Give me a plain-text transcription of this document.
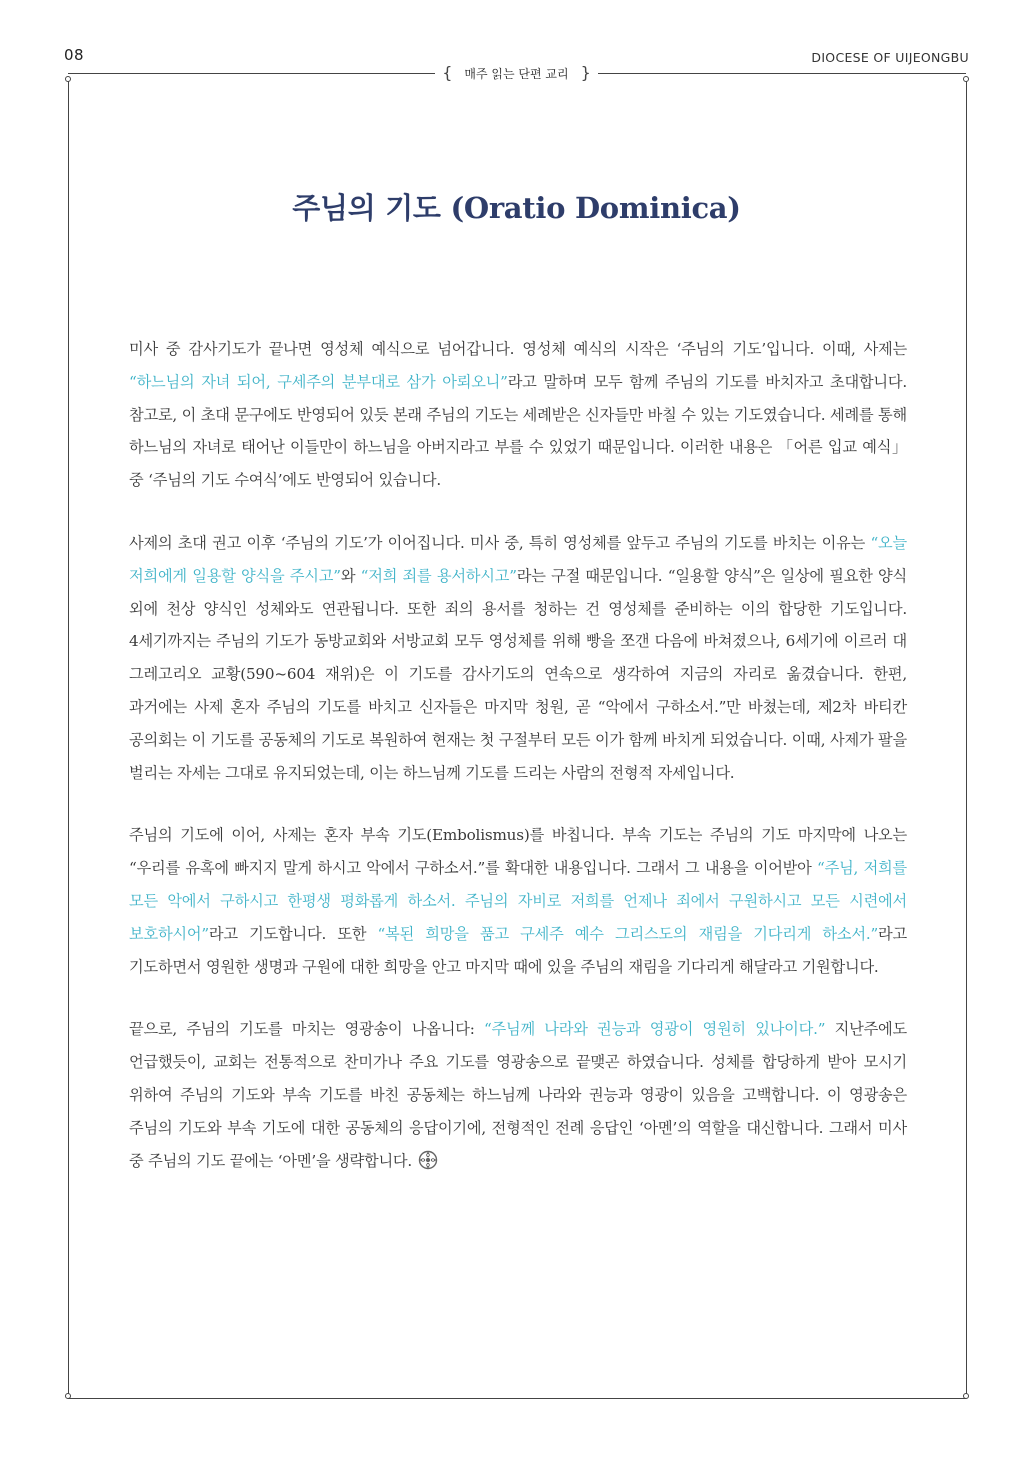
08	DIOCESE OF UIJEONGBU
{ 매주 읽는 단편 교리 }
주님의 기도 (Oratio Dominica)

미사 중 감사기도가 끝나면 영성체 예식으로 넘어갑니다. 영성체 예식의 시작은 ‘주님의 기도’입니다. 이때, 사제는 “하느님의 자녀 되어, 구세주의 분부대로 삼가 아뢰오니”라고 말하며 모두 함께 주님의 기도를 바치자고 초대합니다. 참고로, 이 초대 문구에도 반영되어 있듯 본래 주님의 기도는 세례받은 신자들만 바칠 수 있는 기도였습니다. 세례를 통해 하느님의 자녀로 태어난 이들만이 하느님을 아버지라고 부를 수 있었기 때문입니다. 이러한 내용은 「어른 입교 예식」 중 ‘주님의 기도 수여식’에도 반영되어 있습니다.

사제의 초대 권고 이후 ‘주님의 기도’가 이어집니다. 미사 중, 특히 영성체를 앞두고 주님의 기도를 바치는 이유는 “오늘 저희에게 일용할 양식을 주시고”와 “저희 죄를 용서하시고”라는 구절 때문입니다. “일용할 양식”은 일상에 필요한 양식 외에 천상 양식인 성체와도 연관됩니다. 또한 죄의 용서를 청하는 건 영성체를 준비하는 이의 합당한 기도입니다. 4세기까지는 주님의 기도가 동방교회와 서방교회 모두 영성체를 위해 빵을 쪼갠 다음에 바쳐졌으나, 6세기에 이르러 대 그레고리오 교황(590~604 재위)은 이 기도를 감사기도의 연속으로 생각하여 지금의 자리로 옮겼습니다. 한편, 과거에는 사제 혼자 주님의 기도를 바치고 신자들은 마지막 청원, 곧 “악에서 구하소서.”만 바쳤는데, 제2차 바티칸 공의회는 이 기도를 공동체의 기도로 복원하여 현재는 첫 구절부터 모든 이가 함께 바치게 되었습니다. 이때, 사제가 팔을 벌리는 자세는 그대로 유지되었는데, 이는 하느님께 기도를 드리는 사람의 전형적 자세입니다.

주님의 기도에 이어, 사제는 혼자 부속 기도(Embolismus)를 바칩니다. 부속 기도는 주님의 기도 마지막에 나오는 “우리를 유혹에 빠지지 말게 하시고 악에서 구하소서.”를 확대한 내용입니다. 그래서 그 내용을 이어받아 “주님, 저희를 모든 악에서 구하시고 한평생 평화롭게 하소서. 주님의 자비로 저희를 언제나 죄에서 구원하시고 모든 시련에서 보호하시어”라고 기도합니다. 또한 “복된 희망을 품고 구세주 예수 그리스도의 재림을 기다리게 하소서.”라고 기도하면서 영원한 생명과 구원에 대한 희망을 안고 마지막 때에 있을 주님의 재림을 기다리게 해달라고 기원합니다.

끝으로, 주님의 기도를 마치는 영광송이 나옵니다: “주님께 나라와 권능과 영광이 영원히 있나이다.” 지난주에도 언급했듯이, 교회는 전통적으로 찬미가나 주요 기도를 영광송으로 끝맺곤 하였습니다. 성체를 합당하게 받아 모시기 위하여 주님의 기도와 부속 기도를 바친 공동체는 하느님께 나라와 권능과 영광이 있음을 고백합니다. 이 영광송은 주님의 기도와 부속 기도에 대한 공동체의 응답이기에, 전형적인 전례 응답인 ‘아멘’의 역할을 대신합니다. 그래서 미사 중 주님의 기도 끝에는 ‘아멘’을 생략합니다.
